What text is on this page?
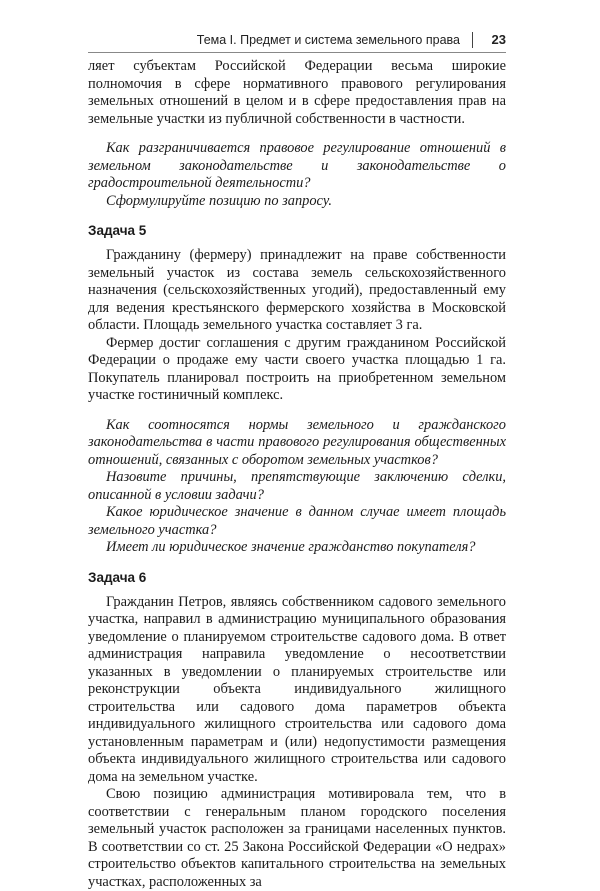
Тема I. Предмет и система земельного права 23

ляет субъектам Российской Федерации весьма широкие полномочия в сфере нормативного правового регулирования земельных отношений в целом и в сфере предоставления прав на земельные участки из публичной собственности в частности.

Как разграничивается правовое регулирование отношений в земельном законодательстве и законодательстве о градостроительной деятельности?

Сформулируйте позицию по запросу.

Задача 5

Гражданину (фермеру) принадлежит на праве собственности земельный участок из состава земель сельскохозяйственного назначения (сельскохозяйственных угодий), предоставленный ему для ведения крестьянского фермерского хозяйства в Московской области. Площадь земельного участка составляет 3 га.

Фермер достиг соглашения с другим гражданином Российской Федерации о продаже ему части своего участка площадью 1 га. Покупатель планировал построить на приобретенном земельном участке гостиничный комплекс.

Как соотносятся нормы земельного и гражданского законодательства в части правового регулирования общественных отношений, связанных с оборотом земельных участков?

Назовите причины, препятствующие заключению сделки, описанной в условии задачи?

Какое юридическое значение в данном случае имеет площадь земельного участка?

Имеет ли юридическое значение гражданство покупателя?

Задача 6

Гражданин Петров, являясь собственником садового земельного участка, направил в администрацию муниципального образования уведомление о планируемом строительстве садового дома. В ответ администрация направила уведомление о несоответствии указанных в уведомлении о планируемых строительстве или реконструкции объекта индивидуального жилищного строительства или садового дома параметров объекта индивидуального жилищного строительства или садового дома установленным параметрам и (или) недопустимости размещения объекта индивидуального жилищного строительства или садового дома на земельном участке.

Свою позицию администрация мотивировала тем, что в соответствии с генеральным планом городского поселения земельный участок расположен за границами населенных пунктов. В соответствии со ст. 25 Закона Российской Федерации «О недрах» строительство объектов капитального строительства на земельных участках, расположенных за
